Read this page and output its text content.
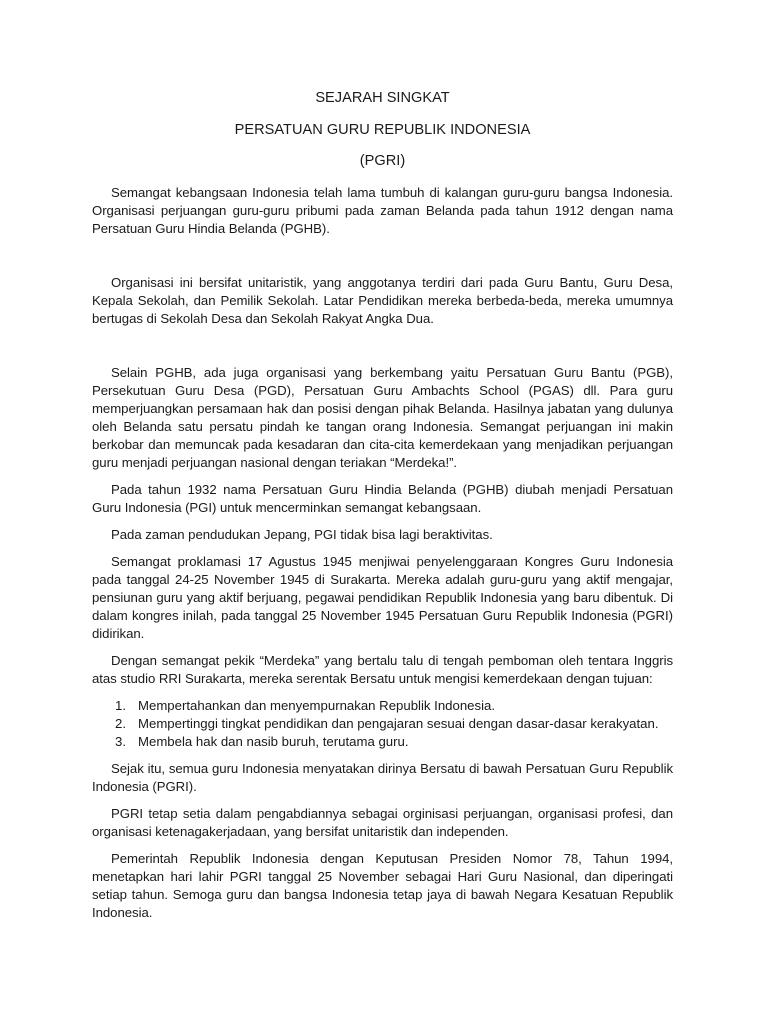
SEJARAH SINGKAT
PERSATUAN GURU REPUBLIK INDONESIA
(PGRI)

Semangat kebangsaan Indonesia telah lama tumbuh di kalangan guru-guru bangsa Indonesia. Organisasi perjuangan guru-guru pribumi pada zaman Belanda pada tahun 1912 dengan nama Persatuan Guru Hindia Belanda (PGHB).

Organisasi ini bersifat unitaristik, yang anggotanya terdiri dari pada Guru Bantu, Guru Desa, Kepala Sekolah, dan Pemilik Sekolah. Latar Pendidikan mereka berbeda-beda, mereka umumnya bertugas di Sekolah Desa dan Sekolah Rakyat Angka Dua.

Selain PGHB, ada juga organisasi yang berkembang yaitu Persatuan Guru Bantu (PGB), Persekutuan Guru Desa (PGD), Persatuan Guru Ambachts School (PGAS) dll. Para guru memperjuangkan persamaan hak dan posisi dengan pihak Belanda. Hasilnya jabatan yang dulunya oleh Belanda satu persatu pindah ke tangan orang Indonesia. Semangat perjuangan ini makin berkobar dan memuncak pada kesadaran dan cita-cita kemerdekaan yang menjadikan perjuangan guru menjadi perjuangan nasional dengan teriakan “Merdeka!”.

Pada tahun 1932 nama Persatuan Guru Hindia Belanda (PGHB) diubah menjadi Persatuan Guru Indonesia (PGI) untuk mencerminkan semangat kebangsaan.

Pada zaman pendudukan Jepang, PGI tidak bisa lagi beraktivitas.

Semangat proklamasi 17 Agustus 1945 menjiwai penyelenggaraan Kongres Guru Indonesia pada tanggal 24-25 November 1945 di Surakarta. Mereka adalah guru-guru yang aktif mengajar, pensiunan guru yang aktif berjuang, pegawai pendidikan Republik Indonesia yang baru dibentuk. Di dalam kongres inilah, pada tanggal 25 November 1945 Persatuan Guru Republik Indonesia (PGRI) didirikan.

Dengan semangat pekik “Merdeka” yang bertalu talu di tengah pemboman oleh tentara Inggris atas studio RRI Surakarta, mereka serentak Bersatu untuk mengisi kemerdekaan dengan tujuan:

1. Mempertahankan dan menyempurnakan Republik Indonesia.
2. Mempertinggi tingkat pendidikan dan pengajaran sesuai dengan dasar-dasar kerakyatan.
3. Membela hak dan nasib buruh, terutama guru.

Sejak itu, semua guru Indonesia menyatakan dirinya Bersatu di bawah Persatuan Guru Republik Indonesia (PGRI).

PGRI tetap setia dalam pengabdiannya sebagai orginisasi perjuangan, organisasi profesi, dan organisasi ketenagakerjadaan, yang bersifat unitaristik dan independen.

Pemerintah Republik Indonesia dengan Keputusan Presiden Nomor 78, Tahun 1994, menetapkan hari lahir PGRI tanggal 25 November sebagai Hari Guru Nasional, dan diperingati setiap tahun. Semoga guru dan bangsa Indonesia tetap jaya di bawah Negara Kesatuan Republik Indonesia.
